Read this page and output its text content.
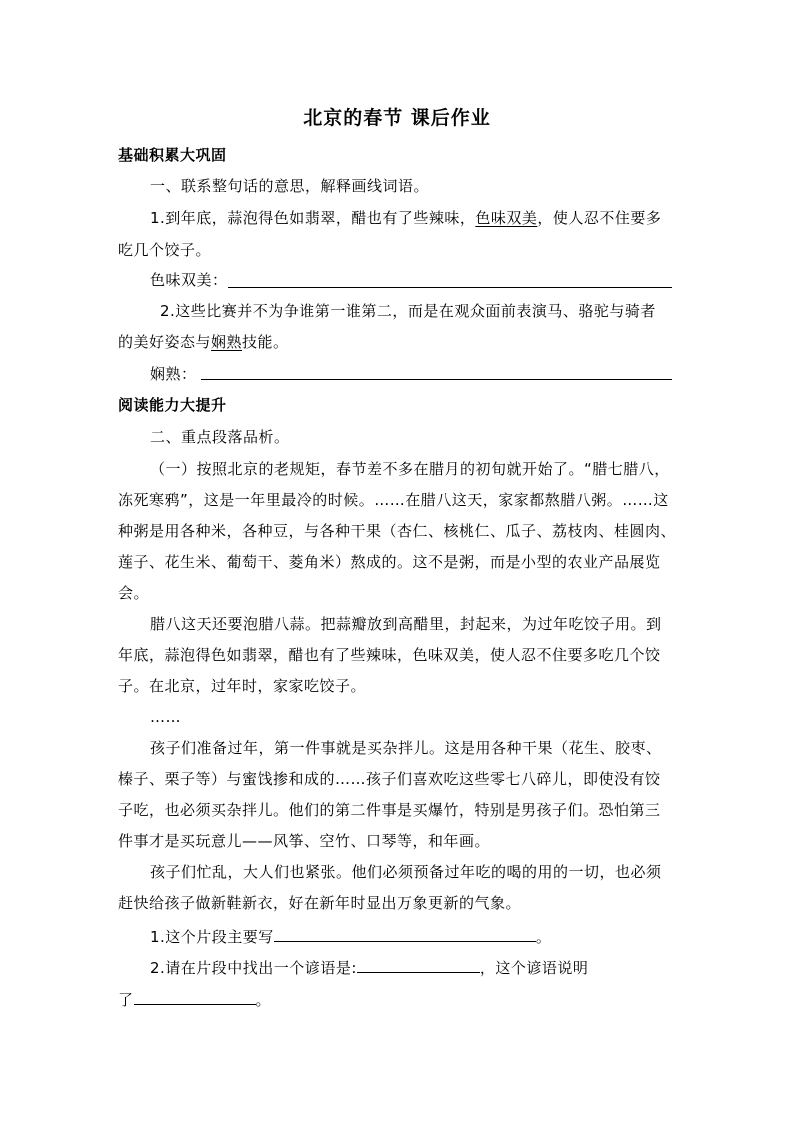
北京的春节 课后作业
基础积累大巩固
一、联系整句话的意思，解释画线词语。
1.到年底，蒜泡得色如翡翠，醋也有了些辣味，色味双美，使人忍不住要多
吃几个饺子。
色味双美：
2.这些比赛并不为争谁第一谁第二，而是在观众面前表演马、骆驼与骑者
的美好姿态与娴熟技能。
娴熟：
阅读能力大提升
二、重点段落品析。
（一）按照北京的老规矩，春节差不多在腊月的初旬就开始了。“腊七腊八，
冻死寒鸦”，这是一年里最冷的时候。……在腊八这天，家家都熬腊八粥。……这
种粥是用各种米，各种豆，与各种干果（杏仁、核桃仁、瓜子、荔枝肉、桂圆肉、
莲子、花生米、葡萄干、菱角米）熬成的。这不是粥，而是小型的农业产品展览
会。
腊八这天还要泡腊八蒜。把蒜瓣放到高醋里，封起来，为过年吃饺子用。到
年底，蒜泡得色如翡翠，醋也有了些辣味，色味双美，使人忍不住要多吃几个饺
子。在北京，过年时，家家吃饺子。
……
孩子们准备过年，第一件事就是买杂拌儿。这是用各种干果（花生、胶枣、
榛子、栗子等）与蜜饯掺和成的……孩子们喜欢吃这些零七八碎儿，即使没有饺
子吃，也必须买杂拌儿。他们的第二件事是买爆竹，特别是男孩子们。恐怕第三
件事才是买玩意儿——风筝、空竹、口琴等，和年画。
孩子们忙乱，大人们也紧张。他们必须预备过年吃的喝的用的一切，也必须
赶快给孩子做新鞋新衣，好在新年时显出万象更新的气象。
1.这个片段主要写	。
2.请在片段中找出一个谚语是:	，这个谚语说明
了	。
